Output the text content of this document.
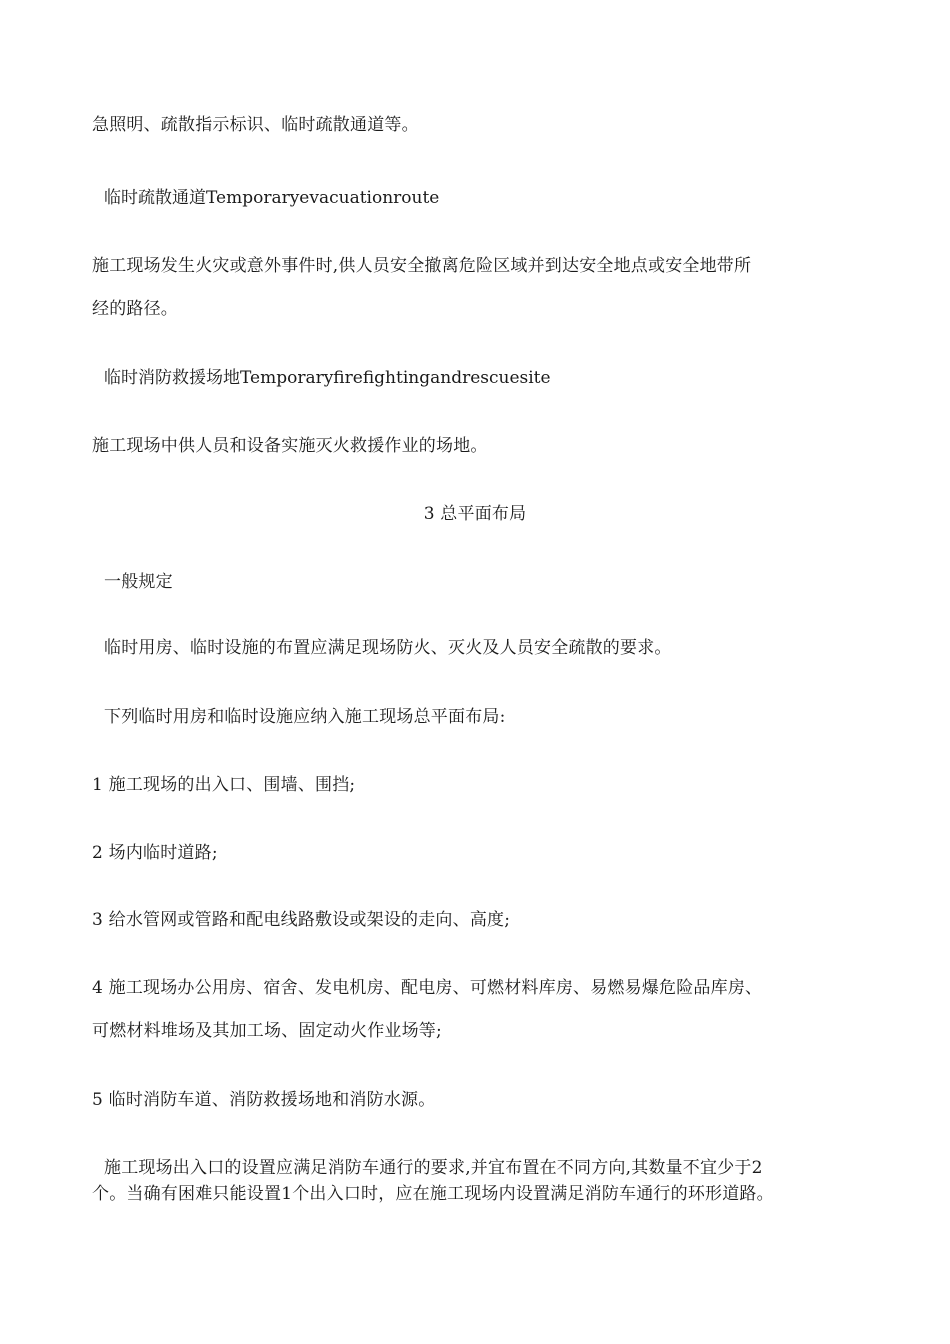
急照明、疏散指示标识、临时疏散通道等。
临时疏散通道Temporaryevacuationroute
施工现场发生火灾或意外事件时,供人员安全撤离危险区域并到达安全地点或安全地带所
经的路径。
临时消防救援场地Temporaryfirefightingandrescuesite
施工现场中供人员和设备实施灭火救援作业的场地。
3 总平面布局
一般规定
临时用房、临时设施的布置应满足现场防火、灭火及人员安全疏散的要求。
下列临时用房和临时设施应纳入施工现场总平面布局:
1 施工现场的出入口、围墙、围挡;
2 场内临时道路;
3 给水管网或管路和配电线路敷设或架设的走向、高度;
4 施工现场办公用房、宿舍、发电机房、配电房、可燃材料库房、易燃易爆危险品库房、
可燃材料堆场及其加工场、固定动火作业场等;
5 临时消防车道、消防救援场地和消防水源。
施工现场出入口的设置应满足消防车通行的要求,并宜布置在不同方向,其数量不宜少于2
个。当确有困难只能设置1个出入口时，应在施工现场内设置满足消防车通行的环形道路。
